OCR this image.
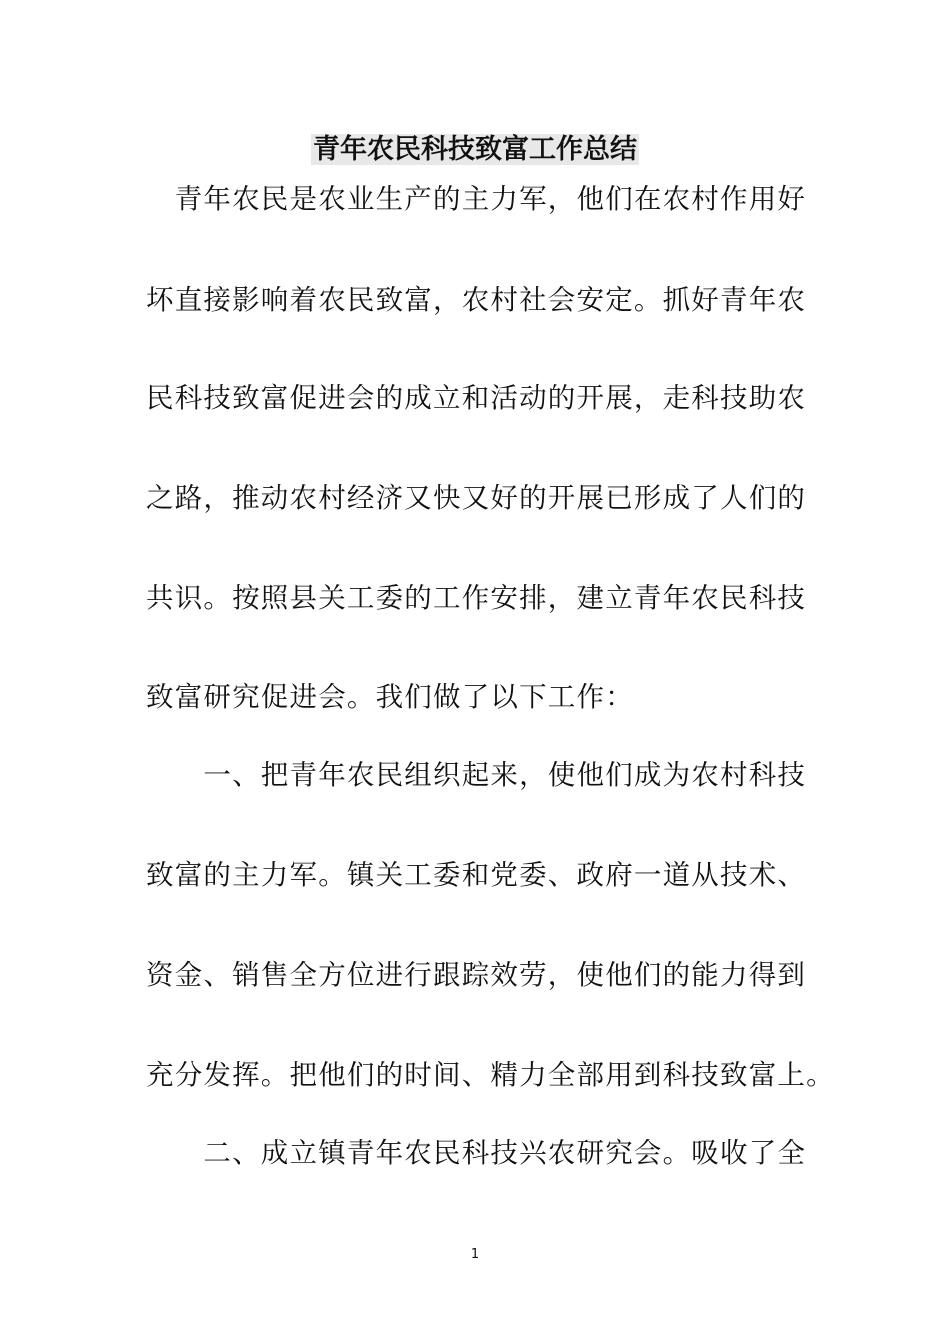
青年农民科技致富工作总结
　青年农民是农业生产的主力军，他们在农村作用好
坏直接影响着农民致富，农村社会安定。抓好青年农
民科技致富促进会的成立和活动的开展，走科技助农
之路，推动农村经济又快又好的开展已形成了人们的
共识。按照县关工委的工作安排，建立青年农民科技
致富研究促进会。我们做了以下工作：
　　一、把青年农民组织起来，使他们成为农村科技
致富的主力军。镇关工委和党委、政府一道从技术、
资金、销售全方位进行跟踪效劳，使他们的能力得到
充分发挥。把他们的时间、精力全部用到科技致富上。
　　二、成立镇青年农民科技兴农研究会。吸收了全
1
